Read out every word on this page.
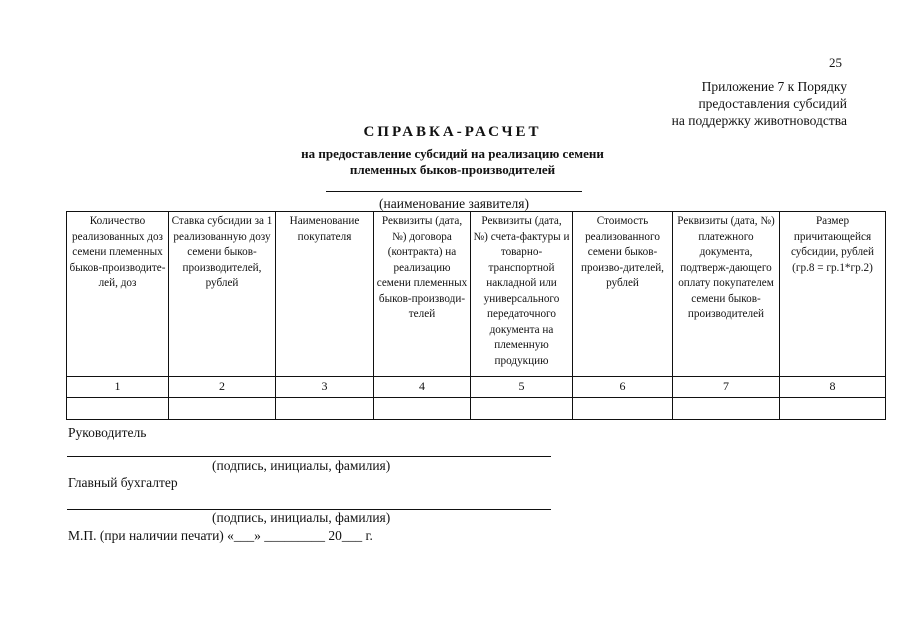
25
Приложение 7 к Порядку
предоставления субсидий
на поддержку животноводства
СПРАВКА-РАСЧЕТ
на предоставление субсидий на реализацию семени
племенных быков-производителей
(наименование заявителя)
Количество реализованных доз семени племенных быков-производите-лей, доз	Ставка субсидии за 1 реализованную дозу семени быков-производителей, рублей	Наименование покупателя	Реквизиты (дата, №) договора (контракта) на реализацию семени племенных быков-производи-телей	Реквизиты (дата, №) счета-фактуры и товарно-транспортной накладной или универсального передаточного документа на племенную продукцию	Стоимость реализованного семени быков-произво-дителей, рублей	Реквизиты (дата, №) платежного документа, подтверж-дающего оплату покупателем семени быков-производителей	Размер причитающейся субсидии, рублей (гр.8 = гр.1*гр.2)
1	2	3	4	5	6	7	8

Руководитель
(подпись, инициалы, фамилия)
Главный бухгалтер
(подпись, инициалы, фамилия)
М.П. (при наличии печати) «___» _________ 20___ г.
